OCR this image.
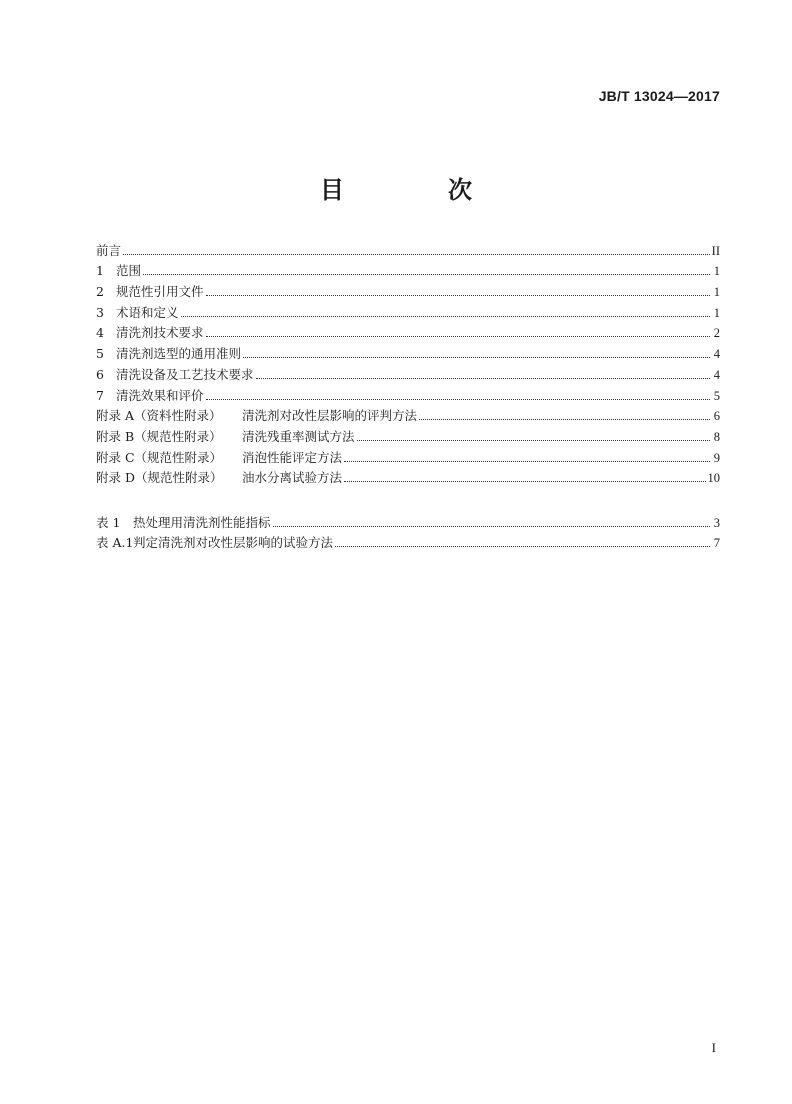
JB/T 13024—2017
目　次
前言	II
1 范围	1
2 规范性引用文件	1
3 术语和定义	1
4 清洗剂技术要求	2
5 清洗剂选型的通用准则	4
6 清洗设备及工艺技术要求	4
7 清洗效果和评价	5
附录 A（资料性附录）	清洗剂对改性层影响的评判方法	6
附录 B（规范性附录）	清洗残重率测试方法	8
附录 C（规范性附录）	消泡性能评定方法	9
附录 D（规范性附录）	油水分离试验方法	10
表 1	热处理用清洗剂性能指标	3
表 A.1 判定清洗剂对改性层影响的试验方法	7
I
